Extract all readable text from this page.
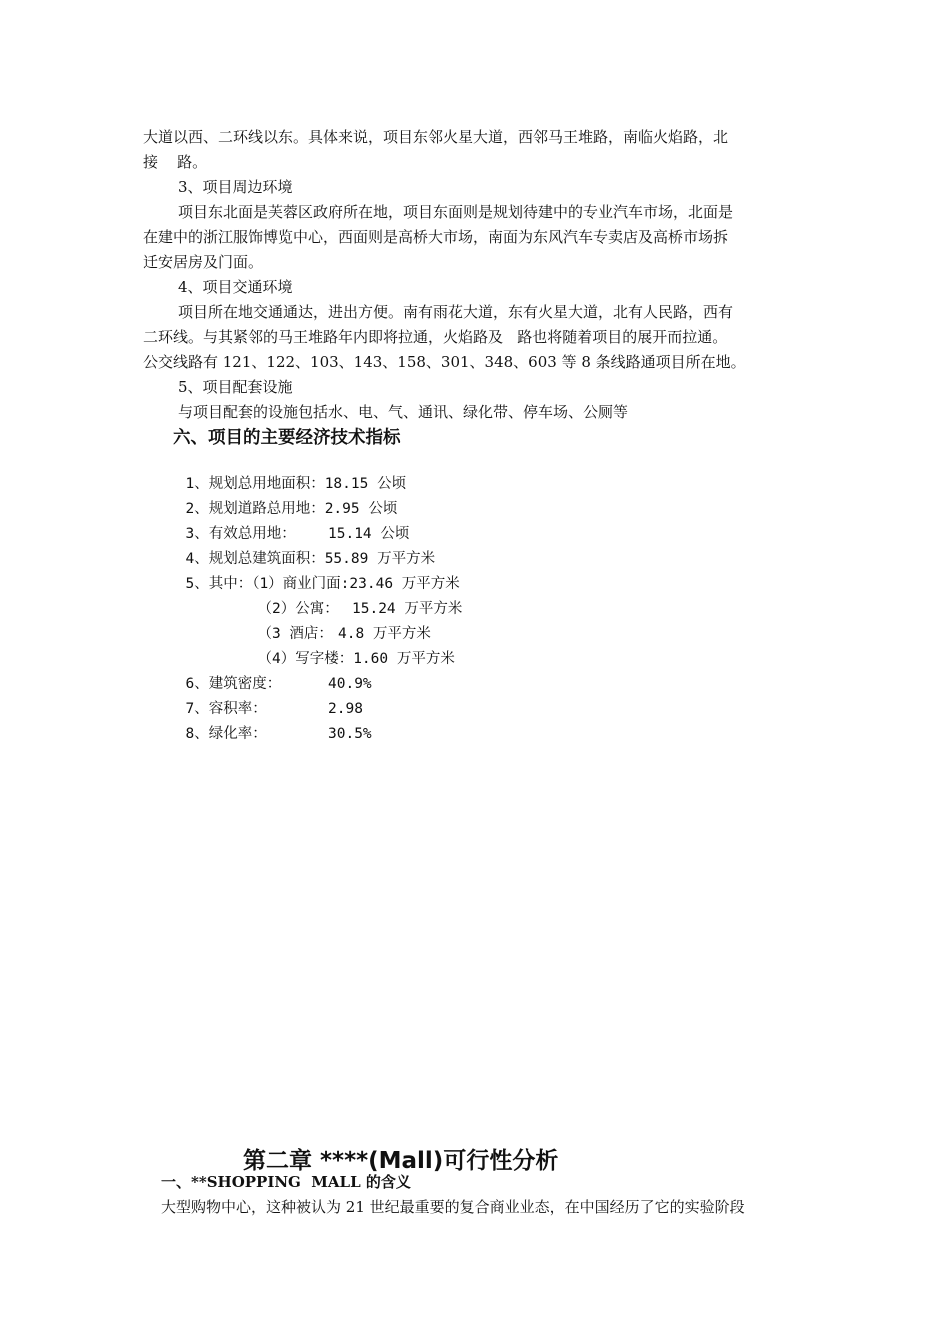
大道以西、二环线以东。具体来说，项目东邻火星大道，西邻马王堆路，南临火焰路，北
接    路。
3、项目周边环境
项目东北面是芙蓉区政府所在地，项目东面则是规划待建中的专业汽车市场，北面是
在建中的浙江服饰博览中心，西面则是高桥大市场，南面为东风汽车专卖店及高桥市场拆
迁安居房及门面。
4、项目交通环境
项目所在地交通通达，进出方便。南有雨花大道，东有火星大道，北有人民路，西有
二环线。与其紧邻的马王堆路年内即将拉通，火焰路及   路也将随着项目的展开而拉通。
公交线路有 121、122、103、143、158、301、348、603 等 8 条线路通项目所在地。
5、项目配套设施
与项目配套的设施包括水、电、气、通讯、绿化带、停车场、公厕等
六、项目的主要经济技术指标

1、规划总用地面积：18.15 公顷

2、规划道路总用地：2.95 公顷

3、有效总用地： 15.14 公顷

4、规划总建筑面积：55.89 万平方米

5、其中：（1）商业门面:23.46 万平方米

（2）公寓： 15.24 万平方米

（3 酒店： 4.8 万平方米

（4）写字楼：1.60 万平方米

6、建筑密度：	40.9%

7、容积率：	2.98

8、绿化率：	30.5%

第二章 ****(Mall)可行性分析
一、**SHOPPING  MALL 的含义
大型购物中心，这种被认为 21 世纪最重要的复合商业业态，在中国经历了它的实验阶段
